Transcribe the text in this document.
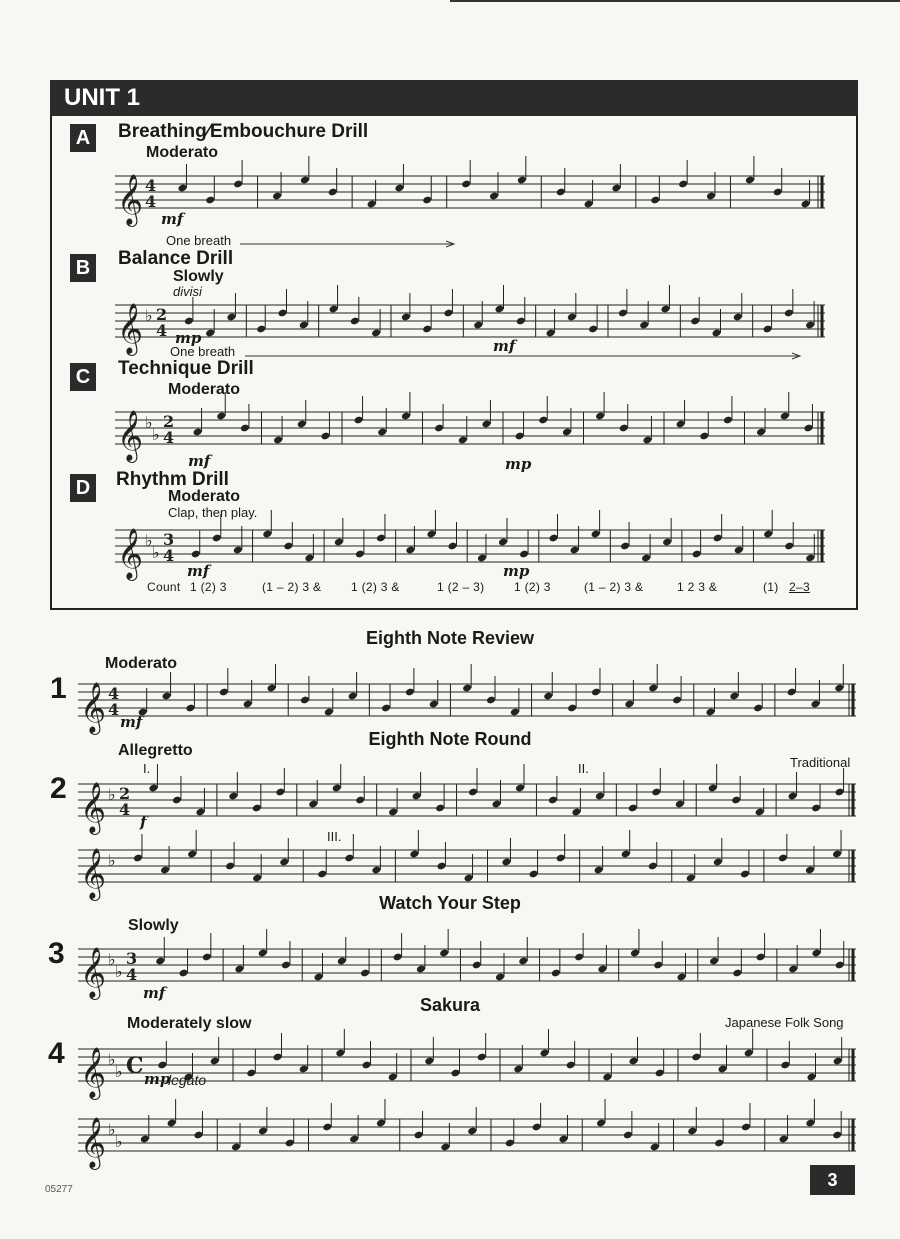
UNIT 1
A	Breathing∕Embouchure Drill
Moderato
𝄞 4
4
mf
One breath
B	Balance Drill
Slowly
divisi
𝄞 ♭ 2
4 mp	mf
One breath
C	Technique Drill
Moderato
𝄞 ♭
♭
2
4
mf	mp
D	Rhythm Drill
Moderato
Clap, then play.
𝄞 ♭
♭
3
4
mf	mp
Count 1 (2) 3	(1 – 2) 3 & 1 (2) 3 &	1 (2 – 3) 1 (2) 3	(1 – 2) 3 &	1 2 3 &	(1) 2–3
Eighth Note Review
Moderato
1 𝄞 4
4
mf
Eighth Note Round
Allegretto
I.	II.	Traditional
2 𝄞 ♭ 2
4
f
III.
𝄞 ♭
Watch Your Step
Slowly
3 𝄞 ♭
♭
3
4
mf
Sakura
Moderately slow	Japanese Folk Song
4 𝄞 ♭
♭ C mp
legato
𝄞 ♭
♭
05277	3
